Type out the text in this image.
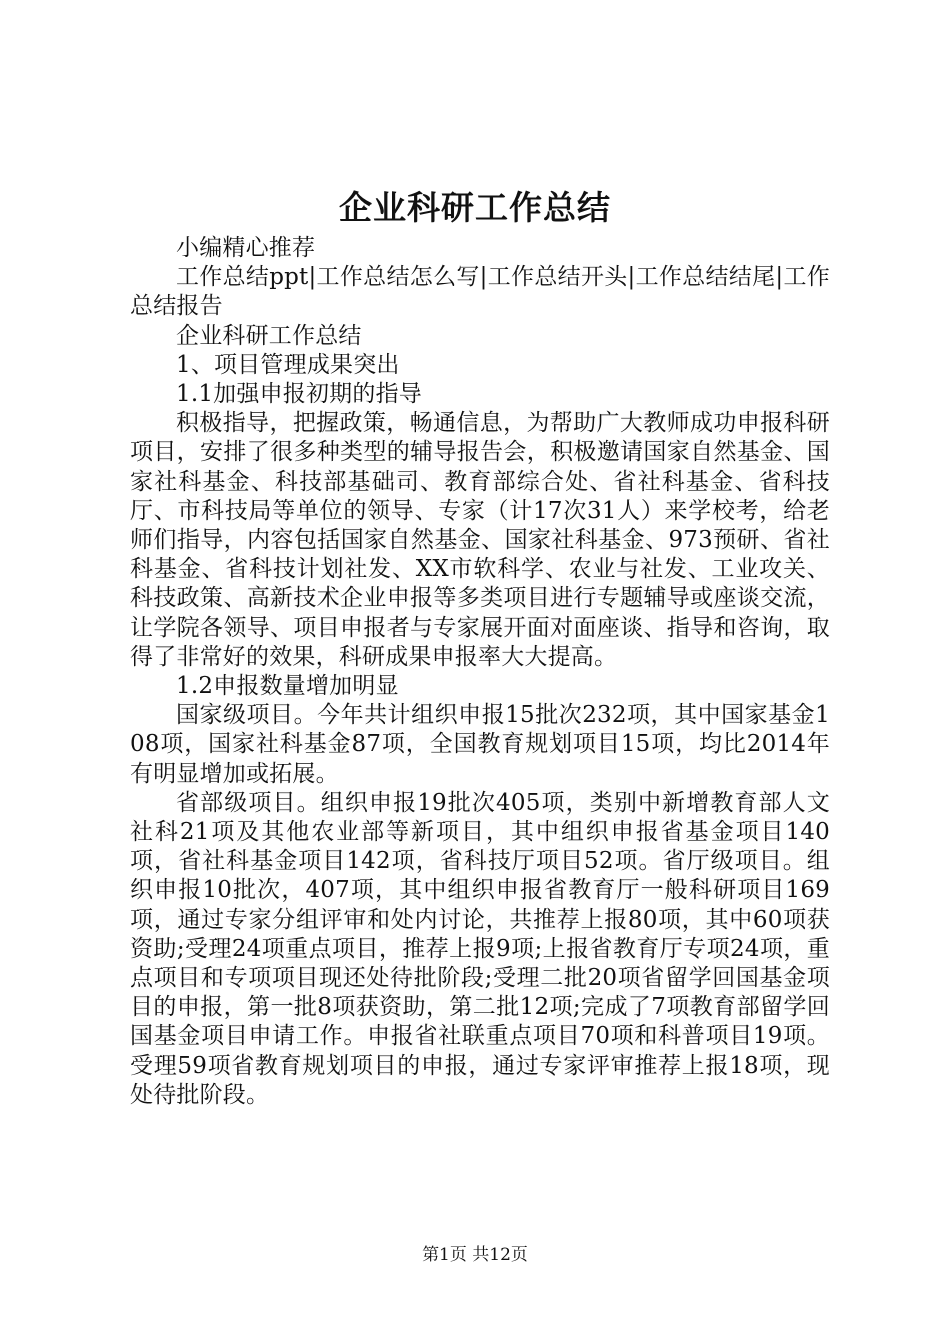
企业科研工作总结

小编精心推荐

工作总结ppt|工作总结怎么写|工作总结开头|工作总结结尾|工作总结报告

企业科研工作总结

1、项目管理成果突出

1.1加强申报初期的指导

积极指导，把握政策，畅通信息，为帮助广大教师成功申报科研项目，安排了很多种类型的辅导报告会，积极邀请国家自然基金、国家社科基金、科技部基础司、教育部综合处、省社科基金、省科技厅、市科技局等单位的领导、专家（计17次31人）来学校考，给老师们指导，内容包括国家自然基金、国家社科基金、973预研、省社科基金、省科技计划社发、XX市软科学、农业与社发、工业攻关、科技政策、高新技术企业申报等多类项目进行专题辅导或座谈交流，让学院各领导、项目申报者与专家展开面对面座谈、指导和咨询，取得了非常好的效果，科研成果申报率大大提高。

1.2申报数量增加明显

国家级项目。今年共计组织申报15批次232项，其中国家基金108项，国家社科基金87项，全国教育规划项目15项，均比2014年有明显增加或拓展。

省部级项目。组织申报19批次405项，类别中新增教育部人文社科21项及其他农业部等新项目，其中组织申报省基金项目140项，省社科基金项目142项，省科技厅项目52项。省厅级项目。组织申报10批次，407项，其中组织申报省教育厅一般科研项目169项，通过专家分组评审和处内讨论，共推荐上报80项，其中60项获资助;受理24项重点项目，推荐上报9项;上报省教育厅专项24项，重点项目和专项项目现还处待批阶段;受理二批20项省留学回国基金项目的申报，第一批8项获资助，第二批12项;完成了7项教育部留学回国基金项目申请工作。申报省社联重点项目70项和科普项目19项。受理59项省教育规划项目的申报，通过专家评审推荐上报18项，现处待批阶段。

第1页 共12页
